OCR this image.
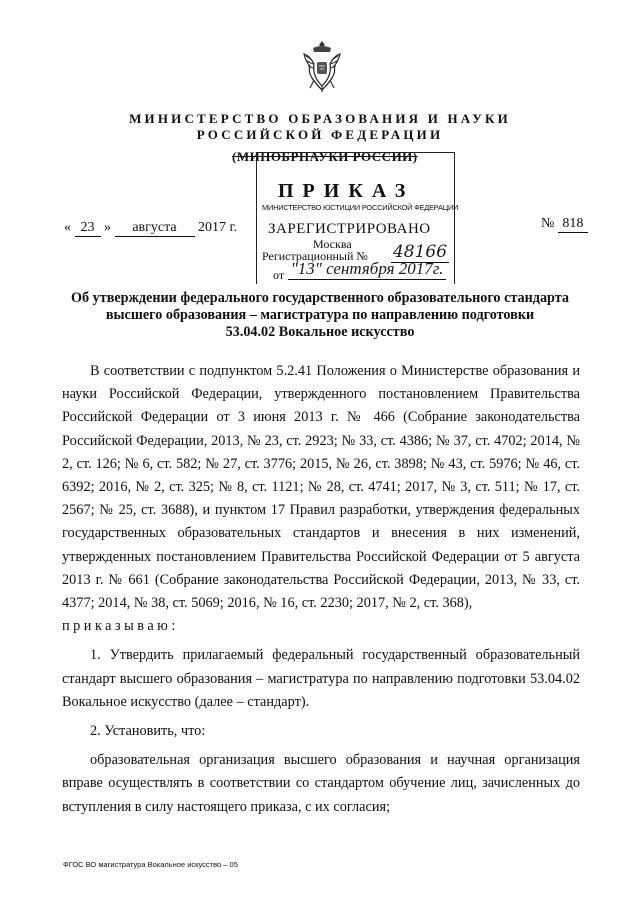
МИНИСТЕРСТВО ОБРАЗОВАНИЯ И НАУКИ
РОССИЙСКОЙ ФЕДЕРАЦИИ
(МИНОБРНАУКИ РОССИИ)
ПРИКАЗ
МИНИСТЕРСТВО ЮСТИЦИИ РОССИЙСКОЙ ФЕДЕРАЦИИ
ЗАРЕГИСТРИРОВАНО
Москва
Регистрационный № 48166
от "13" сентября 2017г.
« 23 » августа 2017 г.	№ 818
Об утверждении федерального государственного образовательного стандарта
высшего образования – магистратура по направлению подготовки
53.04.02 Вокальное искусство

В соответствии с подпунктом 5.2.41 Положения о Министерстве образования и науки Российской Федерации, утвержденного постановлением Правительства Российской Федерации от 3 июня 2013 г. № 466 (Собрание законодательства Российской Федерации, 2013, № 23, ст. 2923; № 33, ст. 4386; № 37, ст. 4702; 2014, № 2, ст. 126; № 6, ст. 582; № 27, ст. 3776; 2015, № 26, ст. 3898; № 43, ст. 5976; № 46, ст. 6392; 2016, № 2, ст. 325; № 8, ст. 1121; № 28, ст. 4741; 2017, № 3, ст. 511; № 17, ст. 2567; № 25, ст. 3688), и пунктом 17 Правил разработки, утверждения федеральных государственных образовательных стандартов и внесения в них изменений, утвержденных постановлением Правительства Российской Федерации от 5 августа 2013 г. № 661 (Собрание законодательства Российской Федерации, 2013, № 33, ст. 4377; 2014, № 38, ст. 5069; 2016, № 16, ст. 2230; 2017, № 2, ст. 368),

приказываю:

1. Утвердить прилагаемый федеральный государственный образовательный стандарт высшего образования – магистратура по направлению подготовки 53.04.02 Вокальное искусство (далее – стандарт).

2. Установить, что:

образовательная организация высшего образования и научная организация вправе осуществлять в соответствии со стандартом обучение лиц, зачисленных до вступления в силу настоящего приказа, с их согласия;

ФГОС ВО магистратура Вокальное искусство – 05
